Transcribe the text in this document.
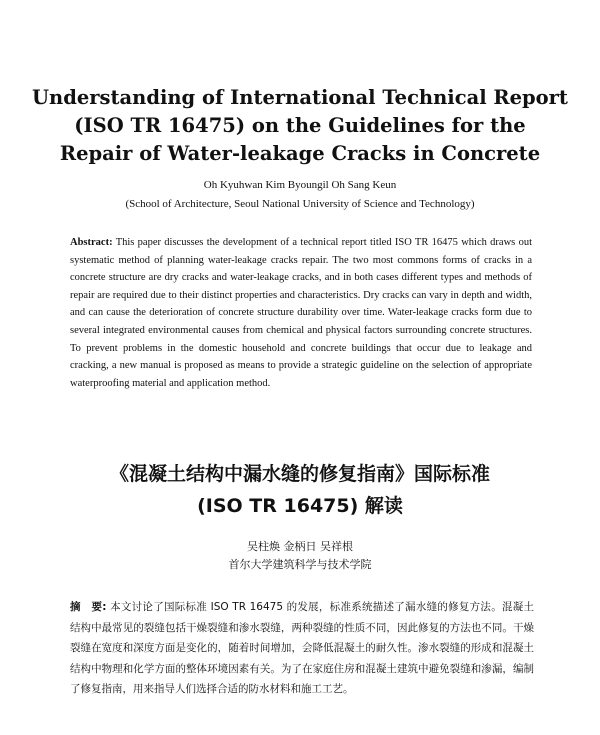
Understanding of International Technical Report
(ISO TR 16475) on the Guidelines for the
Repair of Water-leakage Cracks in Concrete
Oh Kyuhwan Kim Byoungil Oh Sang Keun
(School of Architecture, Seoul National University of Science and Technology)
Abstract: This paper discusses the development of a technical report titled ISO TR 16475 which draws out systematic method of planning water-leakage cracks repair. The two most commons forms of cracks in a concrete structure are dry cracks and water-leakage cracks, and in both cases different types and methods of repair are required due to their distinct properties and characteristics. Dry cracks can vary in depth and width, and can cause the deterioration of concrete structure durability over time. Water-leakage cracks form due to several integrated environmental causes from chemical and physical factors surrounding concrete structures. To prevent problems in the domestic household and concrete buildings that occur due to leakage and cracking, a new manual is proposed as means to provide a strategic guideline on the selection of appropriate waterproofing material and application method.
《混凝土结构中漏水缝的修复指南》国际标准
(ISO TR 16475) 解读
吴柱焕 金柄日 吴祥根
首尔大学建筑科学与技术学院
摘　要: 本文讨论了国际标准 ISO TR 16475 的发展，标准系统描述了漏水缝的修复方法。混凝土结构中最常见的裂缝包括干燥裂缝和渗水裂缝，两种裂缝的性质不同，因此修复的方法也不同。干燥裂缝在宽度和深度方面是变化的，随着时间增加，会降低混凝土的耐久性。渗水裂缝的形成和混凝土结构中物理和化学方面的整体环境因素有关。为了在家庭住房和混凝土建筑中避免裂缝和渗漏，编制了修复指南，用来指导人们选择合适的防水材料和施工工艺。
